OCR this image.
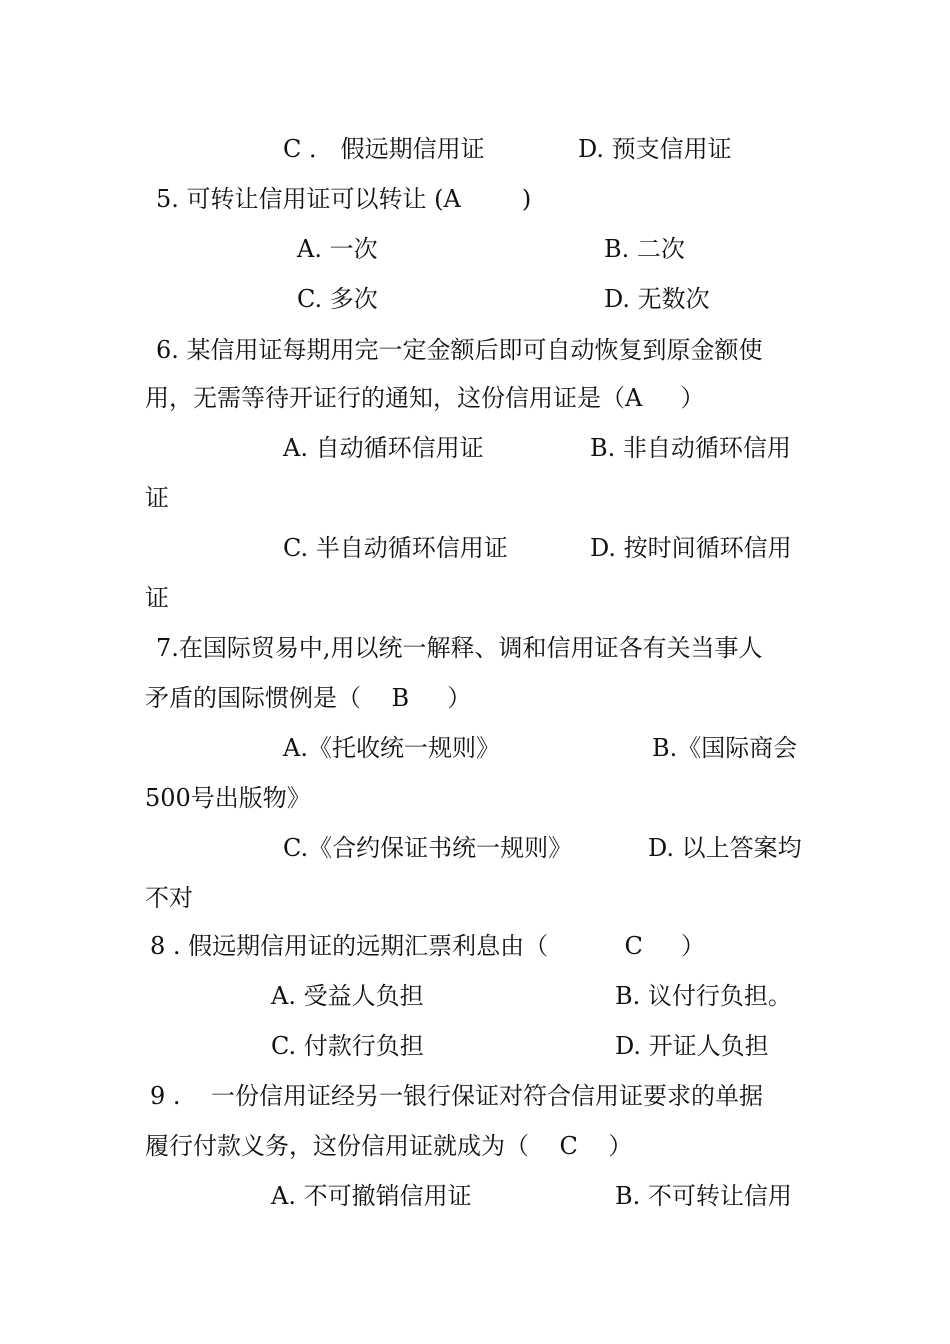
C ． 假远期信用证	D. 预支信用证
5. 可转让信用证可以转让 (A        )
A. 一次	B. 二次
C. 多次	D. 无数次
6. 某信用证每期用完一定金额后即可自动恢复到原金额使
用，无需等待开证行的通知，这份信用证是（A     ）
A. 自动循环信用证	B. 非自动循环信用
证
C. 半自动循环信用证	D. 按时间循环信用
证
7.在国际贸易中,用以统一解释、调和信用证各有关当事人
矛盾的国际惯例是（    B     ）
A.《托收统一规则》	B.《国际商会
500号出版物》
C.《合约保证书统一规则》	D. 以上答案均
不对
8 . 假远期信用证的远期汇票利息由（          C     ）
A. 受益人负担	B. 议付行负担。
C. 付款行负担	D. 开证人负担
9 .    一份信用证经另一银行保证对符合信用证要求的单据
履行付款义务，这份信用证就成为（    C    ）
A. 不可撤销信用证	B. 不可转让信用
